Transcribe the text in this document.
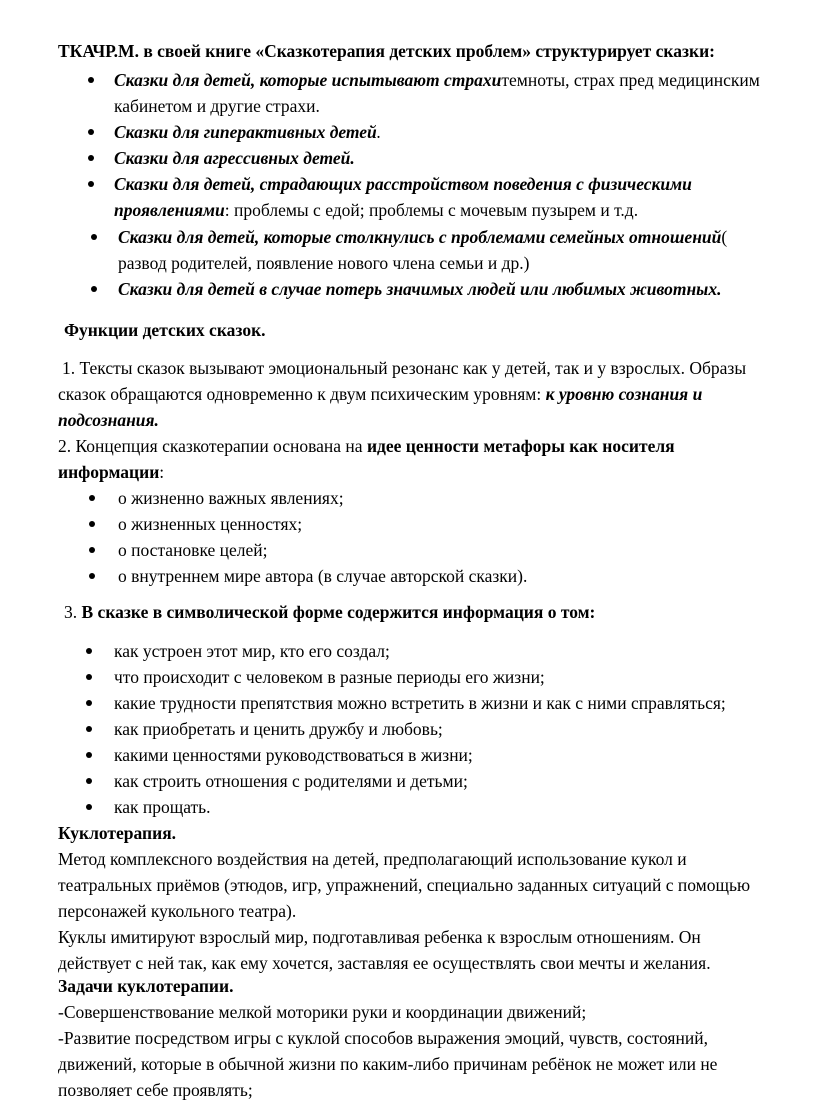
ТКАЧР.М. в своей книге «Сказкотерапия детских проблем» структурирует сказки:
Сказки для детей, которые испытывают страхитемноты, страх пред медицинским
кабинетом и другие страхи.
Сказки для гиперактивных детей.
Сказки для агрессивных детей.
Сказки для детей, страдающих расстройством поведения с физическими
проявлениями: проблемы с едой; проблемы с мочевым пузырем и т.д.
Сказки для детей, которые столкнулись с проблемами семейных отношений(
развод родителей, появление нового члена семьи и др.)
Сказки для детей в случае потерь значимых людей или любимых животных.
Функции детских сказок.
1. Тексты сказок вызывают эмоциональный резонанс как у детей, так и у взрослых. Образы
сказок обращаются одновременно к двум психическим уровням: к уровню сознания и
подсознания.
2. Концепция сказкотерапии основана на идее ценности метафоры как носителя
информации:
о жизненно важных явлениях;
о жизненных ценностях;
о постановке целей;
о внутреннем мире автора (в случае авторской сказки).
3. В сказке в символической форме содержится информация о том:
как устроен этот мир, кто его создал;
что происходит с человеком в разные периоды его жизни;
какие трудности препятствия можно встретить в жизни и как с ними справляться;
как приобретать и ценить дружбу и любовь;
какими ценностями руководствоваться в жизни;
как строить отношения с родителями и детьми;
как прощать.
Куклотерапия.
Метод комплексного воздействия на детей, предполагающий использование кукол и
театральных приёмов (этюдов, игр, упражнений, специально заданных ситуаций с помощью
персонажей кукольного театра).
Куклы имитируют взрослый мир, подготавливая ребенка к взрослым отношениям. Он
действует с ней так, как ему хочется, заставляя ее осуществлять свои мечты и желания.
Задачи куклотерапии.
-Совершенствование мелкой моторики руки и координации движений;
-Развитие посредством игры с куклой способов выражения эмоций, чувств, состояний,
движений, которые в обычной жизни по каким-либо причинам ребёнок не может или не
позволяет себе проявлять;
